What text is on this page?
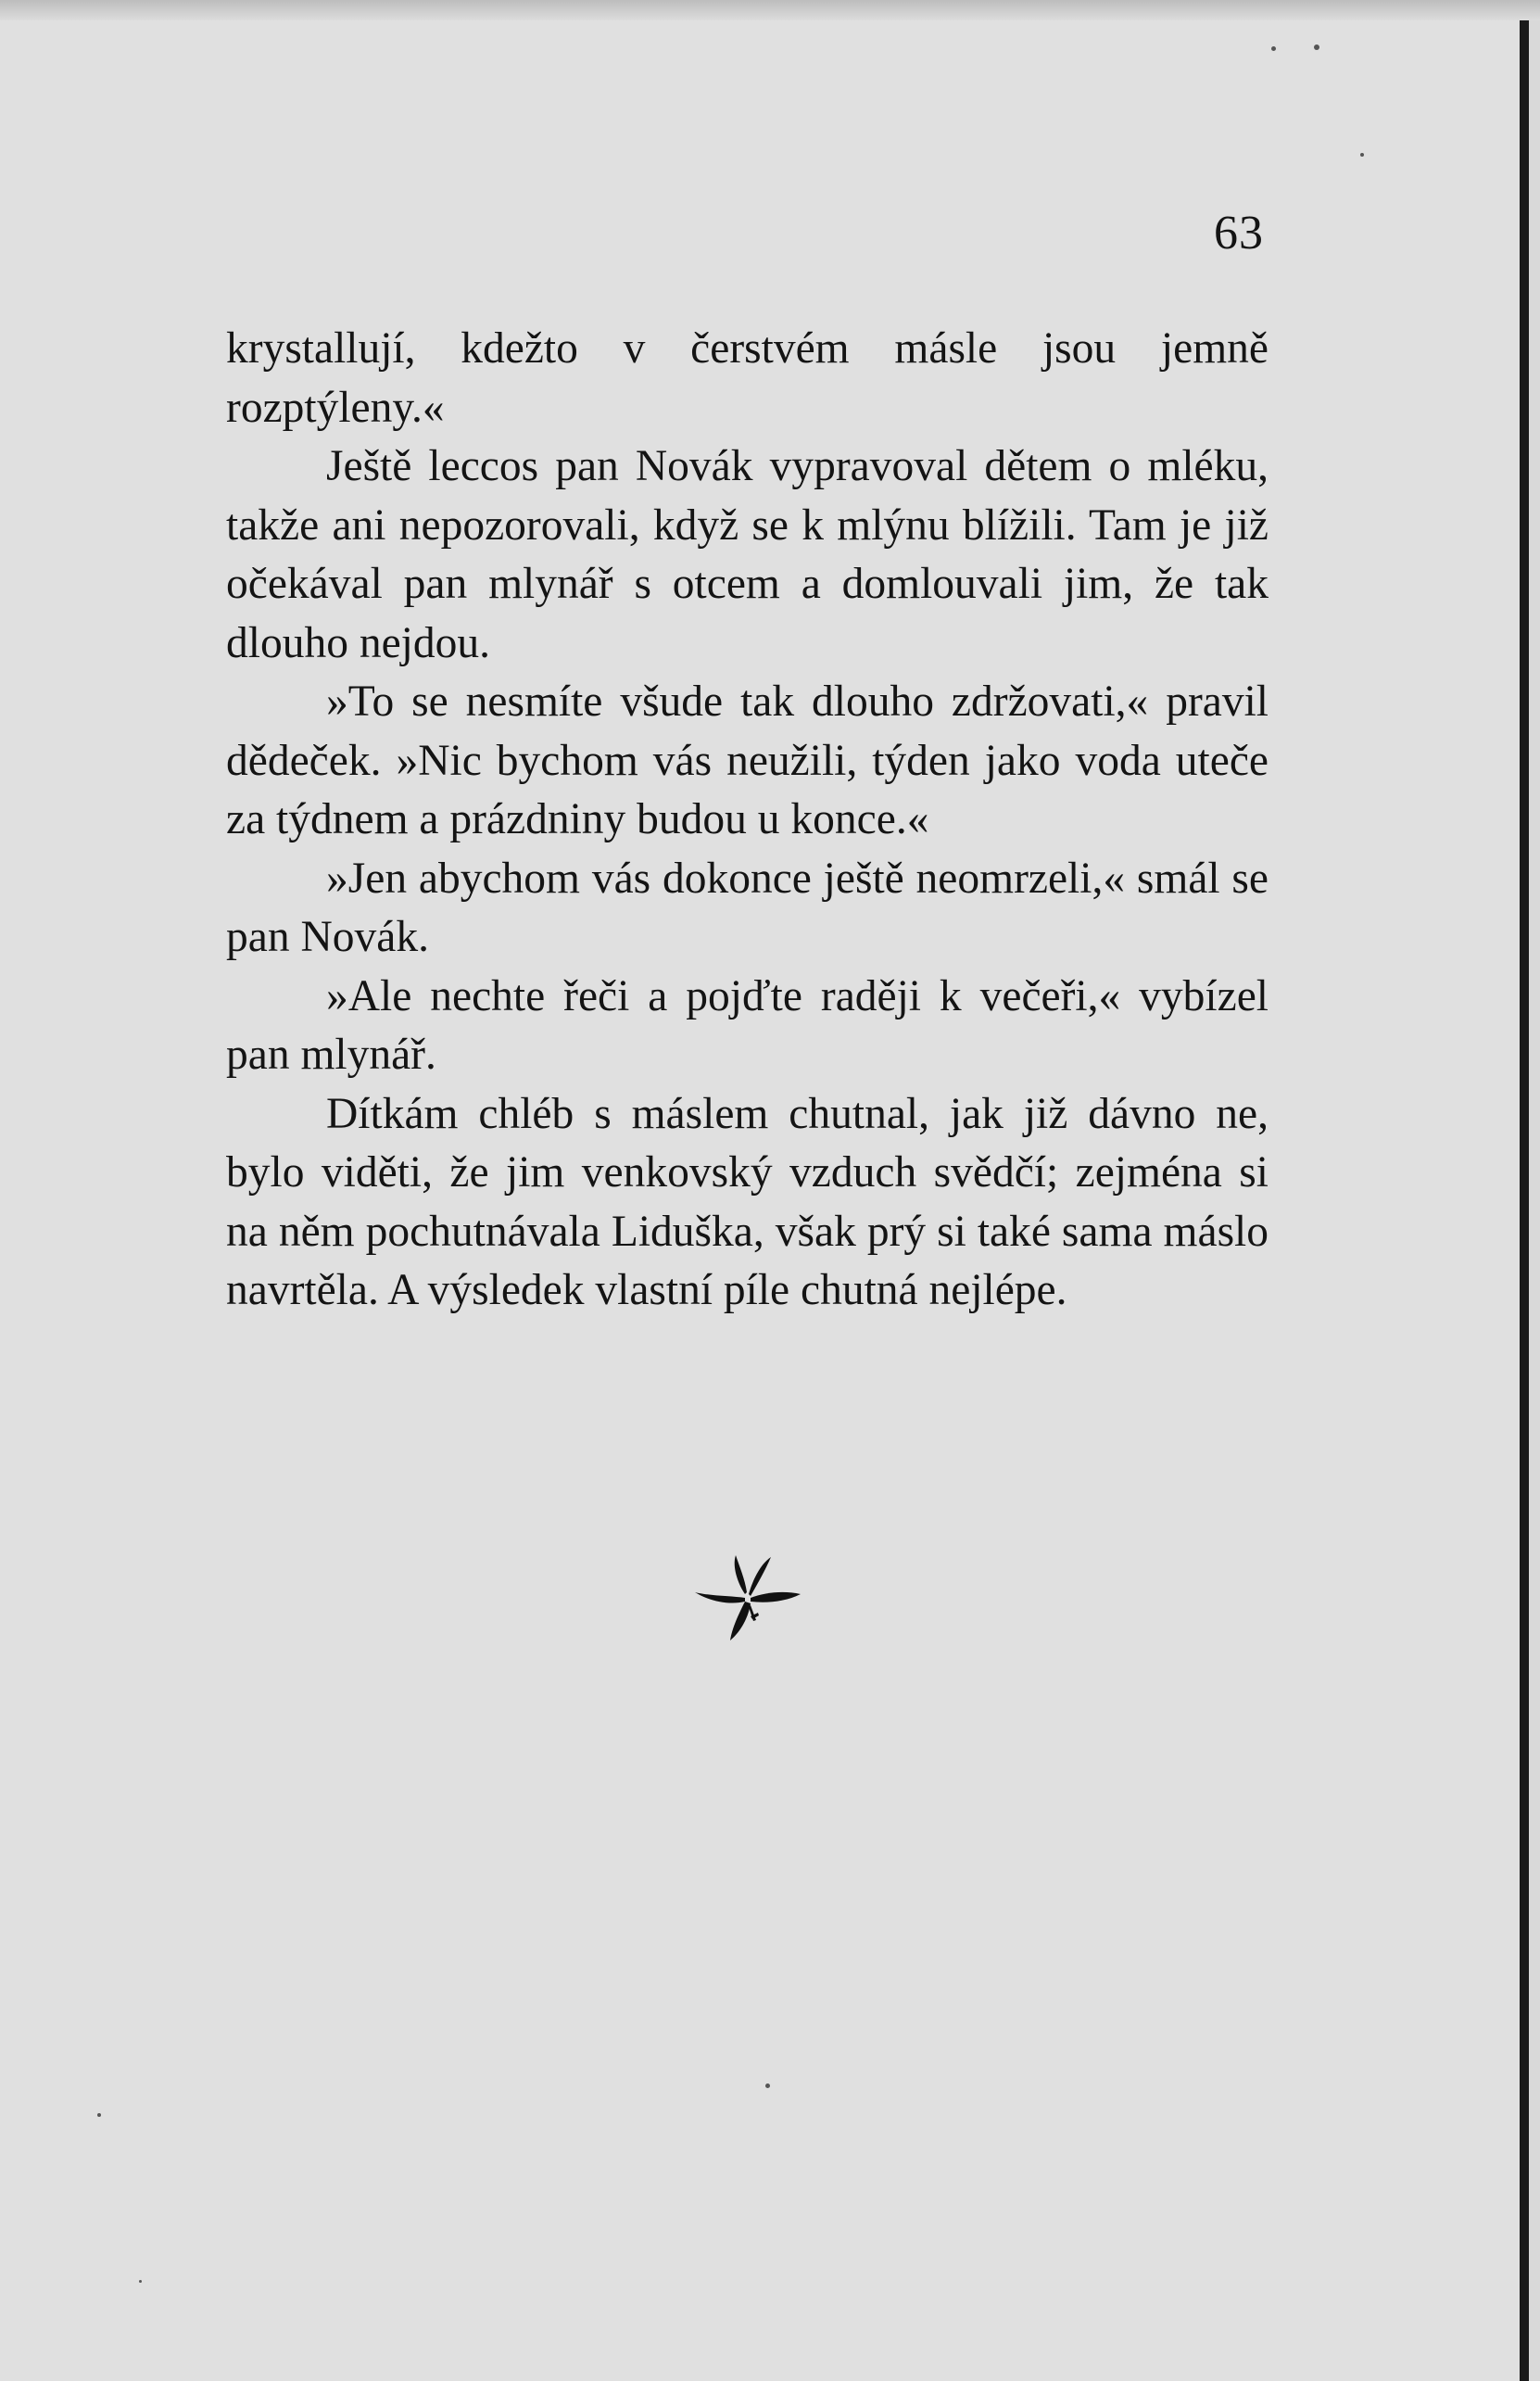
63

krystallují, kdežto v čerstvém másle jsou jemně rozptýleny.«

Ještě leccos pan Novák vypravoval dětem o mléku, takže ani nepozorovali, když se k mlýnu blížili. Tam je již očekával pan mlynář s otcem a domlouvali jim, že tak dlouho nejdou.

»To se nesmíte všude tak dlouho zdržovati,« pravil dědeček. »Nic bychom vás neužili, týden jako voda uteče za týdnem a prázdniny budou u konce.«

»Jen abychom vás dokonce ještě neomrzeli,« smál se pan Novák.

»Ale nechte řeči a pojďte raději k večeři,« vybízel pan mlynář.

Dítkám chléb s máslem chutnal, jak již dávno ne, bylo viděti, že jim venkovský vzduch svědčí; zejména si na něm pochutnávala Liduška, však prý si také sama máslo navrtěla. A výsledek vlastní píle chutná nejlépe.
